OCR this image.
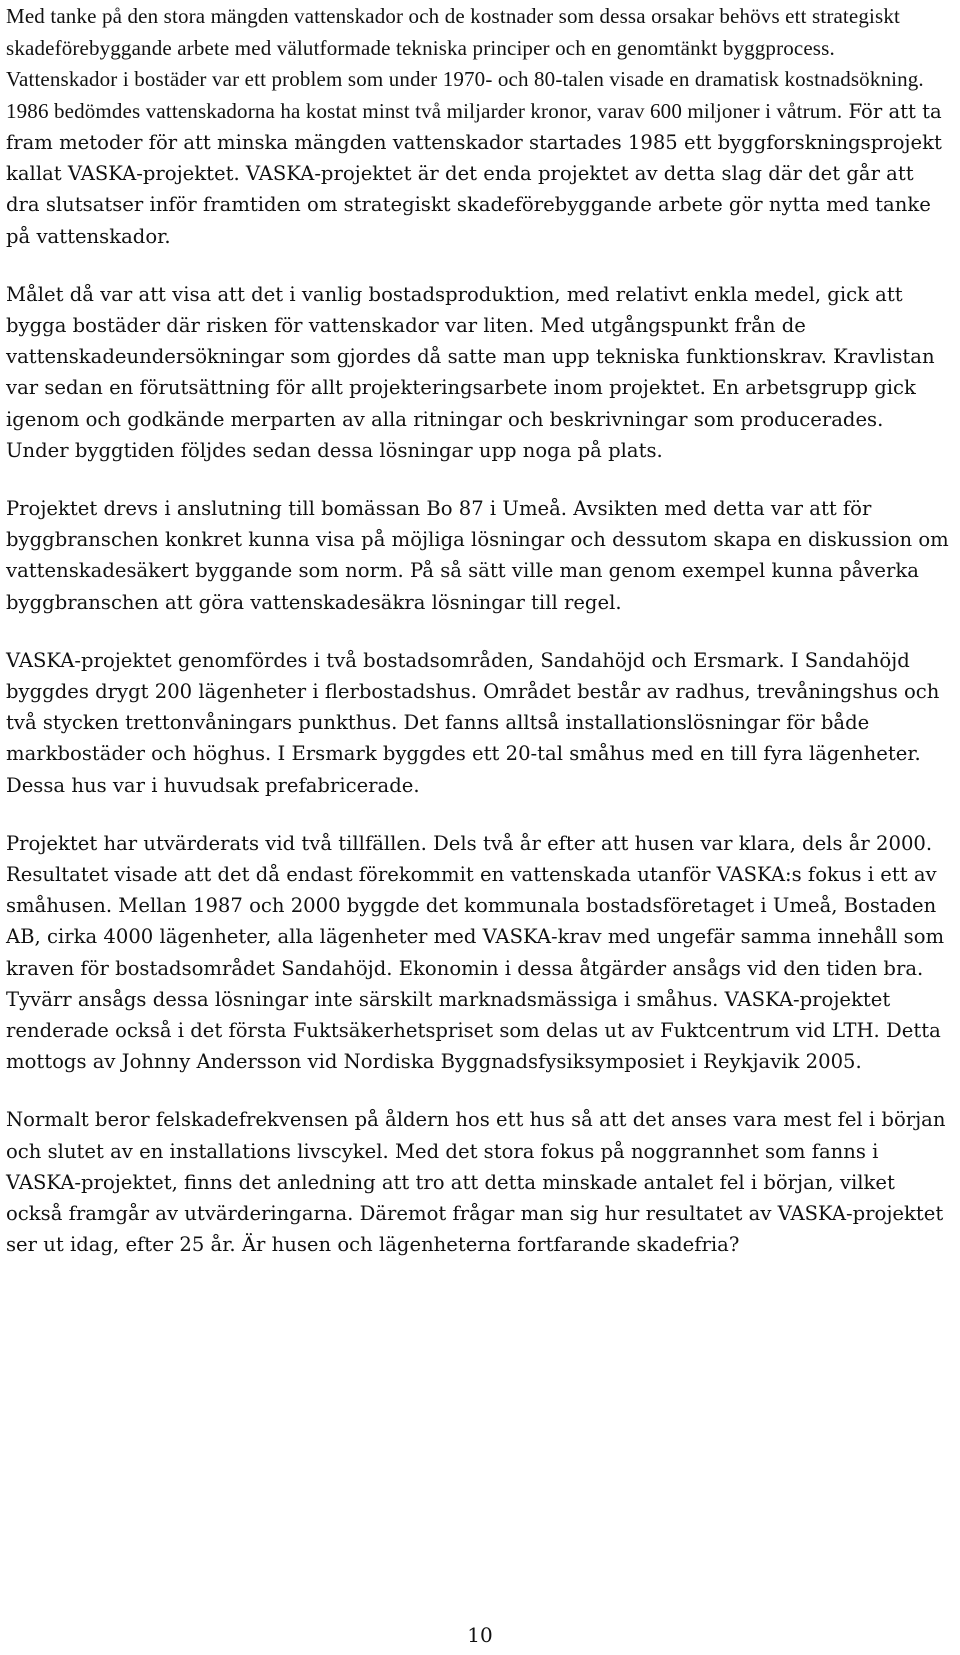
Med tanke på den stora mängden vattenskador och de kostnader som dessa orsakar behövs ett strategiskt skadeförebyggande arbete med välutformade tekniska principer och en genomtänkt byggprocess. Vattenskador i bostäder var ett problem som under 1970- och 80-talen visade en dramatisk kostnadsökning. 1986 bedömdes vattenskadorna ha kostat minst två miljarder kronor, varav 600 miljoner i våtrum. För att ta fram metoder för att minska mängden vattenskador startades 1985 ett byggforskningsprojekt kallat VASKA-projektet. VASKA-projektet är det enda projektet av detta slag där det går att dra slutsatser inför framtiden om strategiskt skadeförebyggande arbete gör nytta med tanke på vattenskador.

Målet då var att visa att det i vanlig bostadsproduktion, med relativt enkla medel, gick att bygga bostäder där risken för vattenskador var liten. Med utgångspunkt från de vattenskadeundersökningar som gjordes då satte man upp tekniska funktionskrav. Kravlistan var sedan en förutsättning för allt projekteringsarbete inom projektet. En arbetsgrupp gick igenom och godkände merparten av alla ritningar och beskrivningar som producerades. Under byggtiden följdes sedan dessa lösningar upp noga på plats.

Projektet drevs i anslutning till bomässan Bo 87 i Umeå. Avsikten med detta var att för byggbranschen konkret kunna visa på möjliga lösningar och dessutom skapa en diskussion om vattenskadesäkert byggande som norm. På så sätt ville man genom exempel kunna påverka byggbranschen att göra vattenskadesäkra lösningar till regel.

VASKA-projektet genomfördes i två bostadsområden, Sandahöjd och Ersmark. I Sandahöjd byggdes drygt 200 lägenheter i flerbostadshus. Området består av radhus, trevåningshus och två stycken trettonvåningars punkthus. Det fanns alltså installationslösningar för både markbostäder och höghus. I Ersmark byggdes ett 20-tal småhus med en till fyra lägenheter. Dessa hus var i huvudsak prefabricerade.

Projektet har utvärderats vid två tillfällen. Dels två år efter att husen var klara, dels år 2000. Resultatet visade att det då endast förekommit en vattenskada utanför VASKA:s fokus i ett av småhusen. Mellan 1987 och 2000 byggde det kommunala bostadsföretaget i Umeå, Bostaden AB, cirka 4000 lägenheter, alla lägenheter med VASKA-krav med ungefär samma innehåll som kraven för bostadsområdet Sandahöjd. Ekonomin i dessa åtgärder ansågs vid den tiden bra. Tyvärr ansågs dessa lösningar inte särskilt marknadsmässiga i småhus. VASKA-projektet renderade också i det första Fuktsäkerhetspriset som delas ut av Fuktcentrum vid LTH. Detta mottogs av Johnny Andersson vid Nordiska Byggnadsfysiksymposiet i Reykjavik 2005.

Normalt beror felskadefrekvensen på åldern hos ett hus så att det anses vara mest fel i början och slutet av en installations livscykel. Med det stora fokus på noggrannhet som fanns i VASKA-projektet, finns det anledning att tro att detta minskade antalet fel i början, vilket också framgår av utvärderingarna. Däremot frågar man sig hur resultatet av VASKA-projektet ser ut idag, efter 25 år. Är husen och lägenheterna fortfarande skadefria?

10
